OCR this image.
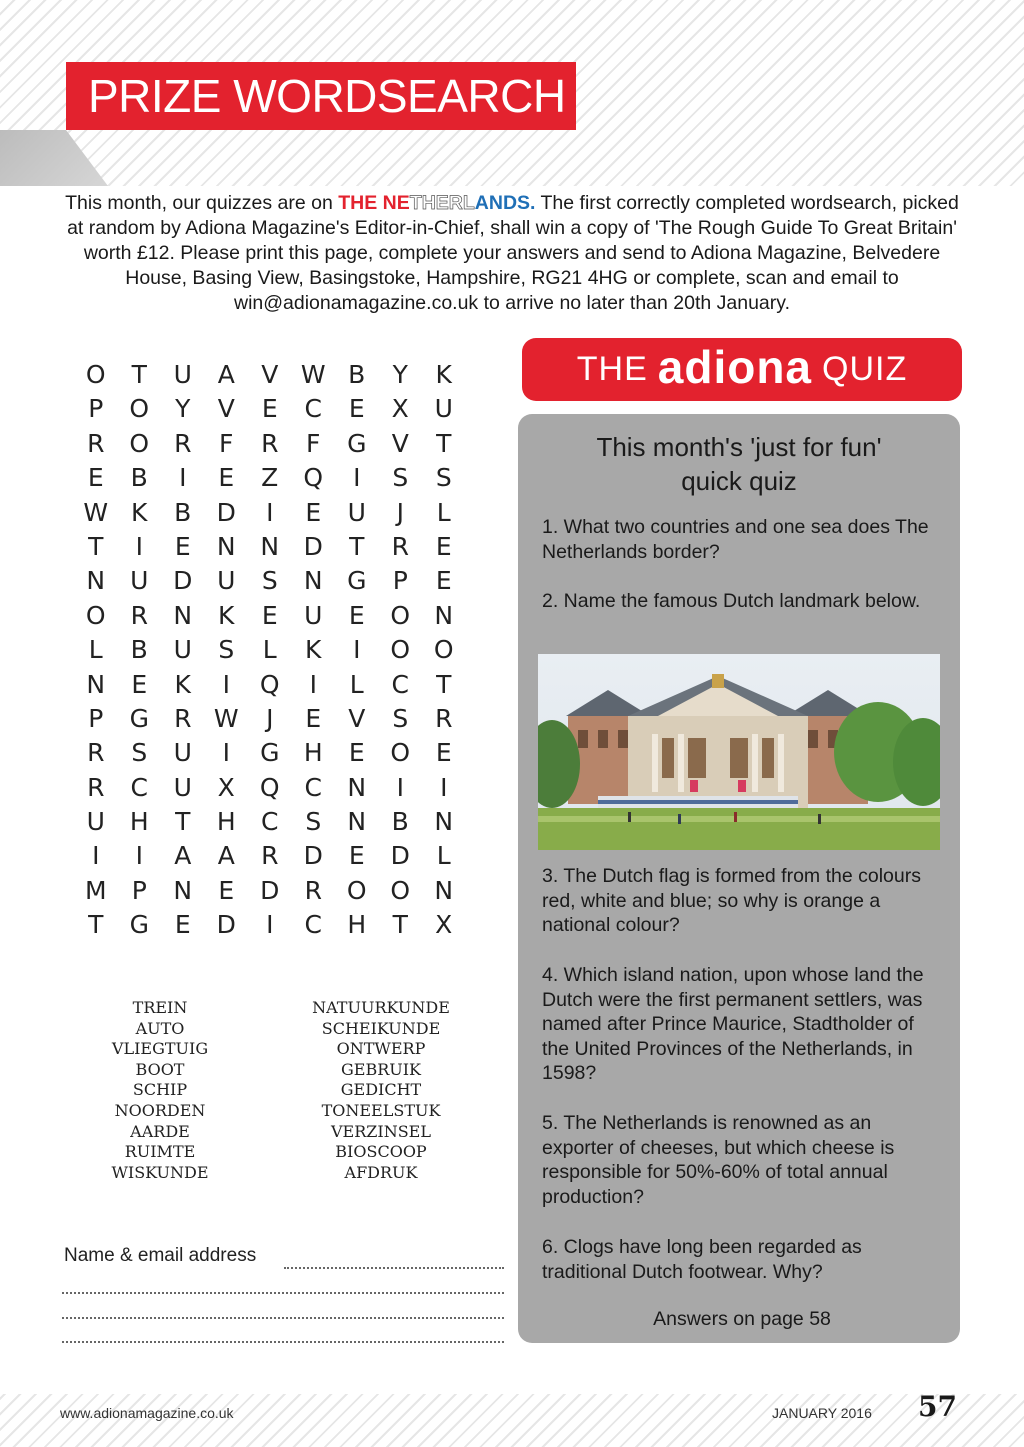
PRIZE WORDSEARCH
This month, our quizzes are on THE NETHERLANDS. The first correctly completed wordsearch, picked at random by Adiona Magazine's Editor-in-Chief, shall win a copy of 'The Rough Guide To Great Britain' worth £12. Please print this page, complete your answers and send to Adiona Magazine, Belvedere House, Basing View, Basingstoke, Hampshire, RG21 4HG or complete, scan and email to win@adionamagazine.co.uk to arrive no later than 20th January.
O	T	U	A	V W B	Y	K
P	O	Y	V	E	C	E	X	U
R O R	F	R	F	G	V	T
E	B	I	E	Z	Q	I	S	S
W K	B	D	I	E	U	J	L
T	I	E	N N D	T	R	E
N	U D U	S	N G	P	E
O R	N	K	E	U	E	O N
L	B	U	S	L	K	I	O O
N	E	K	I	Q	I	L	C	T
P	G	R W	J	E	V	S	R
R	S	U	I	G H	E	O	E
R	C	U	X	Q C	N	I	I
U H	T	H	C	S	N	B	N
I	I	A	A	R	D	E	D	L
M	P	N	E	D	R O O N
T	G	E	D	I	C	H	T	X
TREIN
AUTO
VLIEGTUIG
BOOT
SCHIP
NOORDEN
AARDE
RUIMTE
WISKUNDE
NATUURKUNDE
SCHEIKUNDE
ONTWERP
GEBRUIK
GEDICHT
TONEELSTUK
VERZINSEL
BIOSCOOP
AFDRUK
Name & email address
THE adiona QUIZ
This month's 'just for fun'
quick quiz
1. What two countries and one sea does The Netherlands border?
2. Name the famous Dutch landmark below.
3. The Dutch flag is formed from the colours red, white and blue; so why is orange a national colour?
4. Which island nation, upon whose land the Dutch were the first permanent settlers, was named after Prince Maurice, Stadtholder of the United Provinces of the Netherlands, in 1598?
5. The Netherlands is renowned as an exporter of cheeses, but which cheese is responsible for 50%-60% of total annual production?
6. Clogs have long been regarded as traditional Dutch footwear. Why?
Answers on page 58
www.adionamagazine.co.uk	JANUARY 2016 57
